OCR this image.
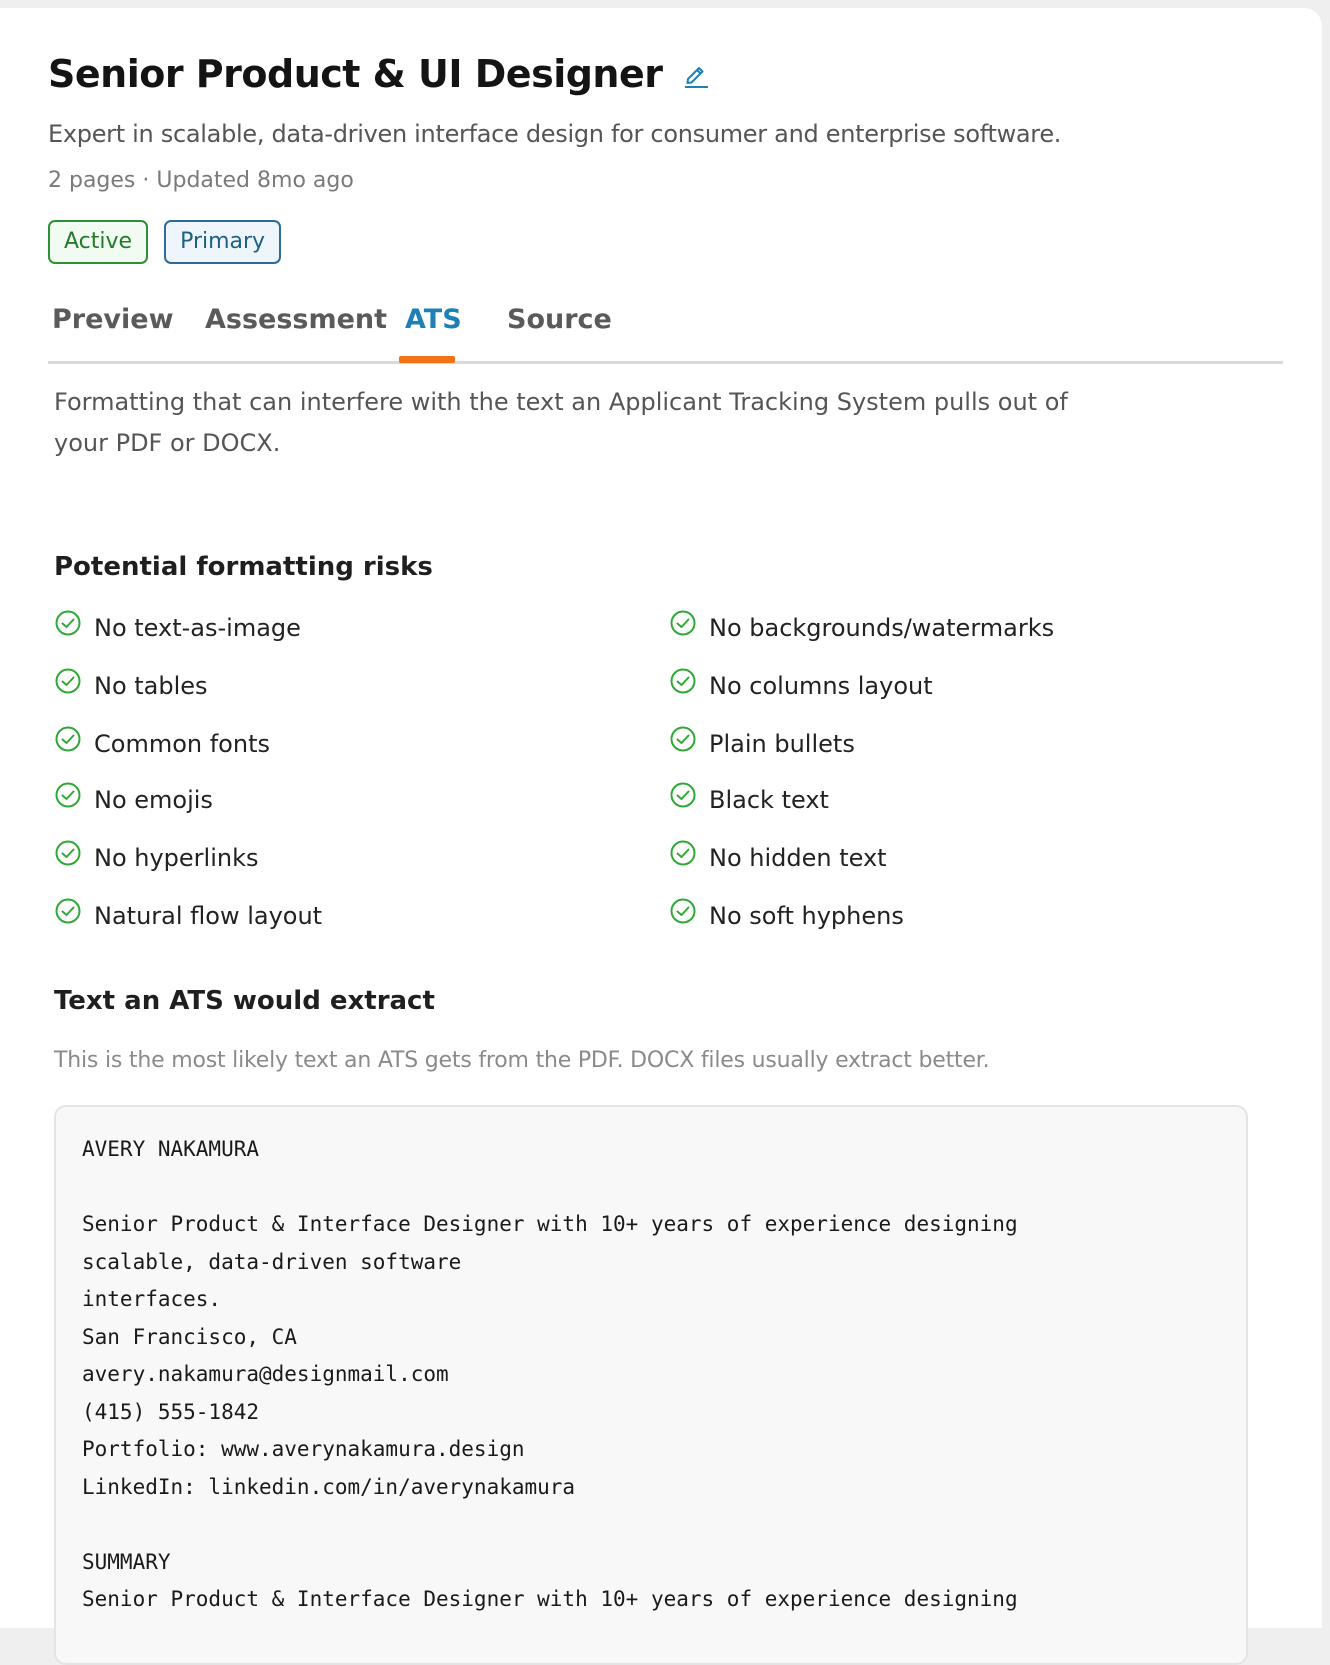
Senior Product & UI Designer
Expert in scalable, data-driven interface design for consumer and enterprise software.
2 pages · Updated 8mo ago
Active	Primary
Preview Assessment ATS Source

Formatting that can interfere with the text an Applicant Tracking System pulls out of your PDF or DOCX.

Potential formatting risks
No text-as-image
No tables
Common fonts
No emojis
No hyperlinks
Natural flow layout
No backgrounds/watermarks
No columns layout
Plain bullets
Black text
No hidden text
No soft hyphens
Text an ATS would extract
This is the most likely text an ATS gets from the PDF. DOCX files usually extract better.
AVERY NAKAMURA
Senior Product & Interface Designer with 10+ years of experience designing
scalable, data-driven software
interfaces.
San Francisco, CA
avery.nakamura@designmail.com
(415) 555-1842
Portfolio: www.averynakamura.design
LinkedIn: linkedin.com/in/averynakamura
SUMMARY
Senior Product & Interface Designer with 10+ years of experience designing
